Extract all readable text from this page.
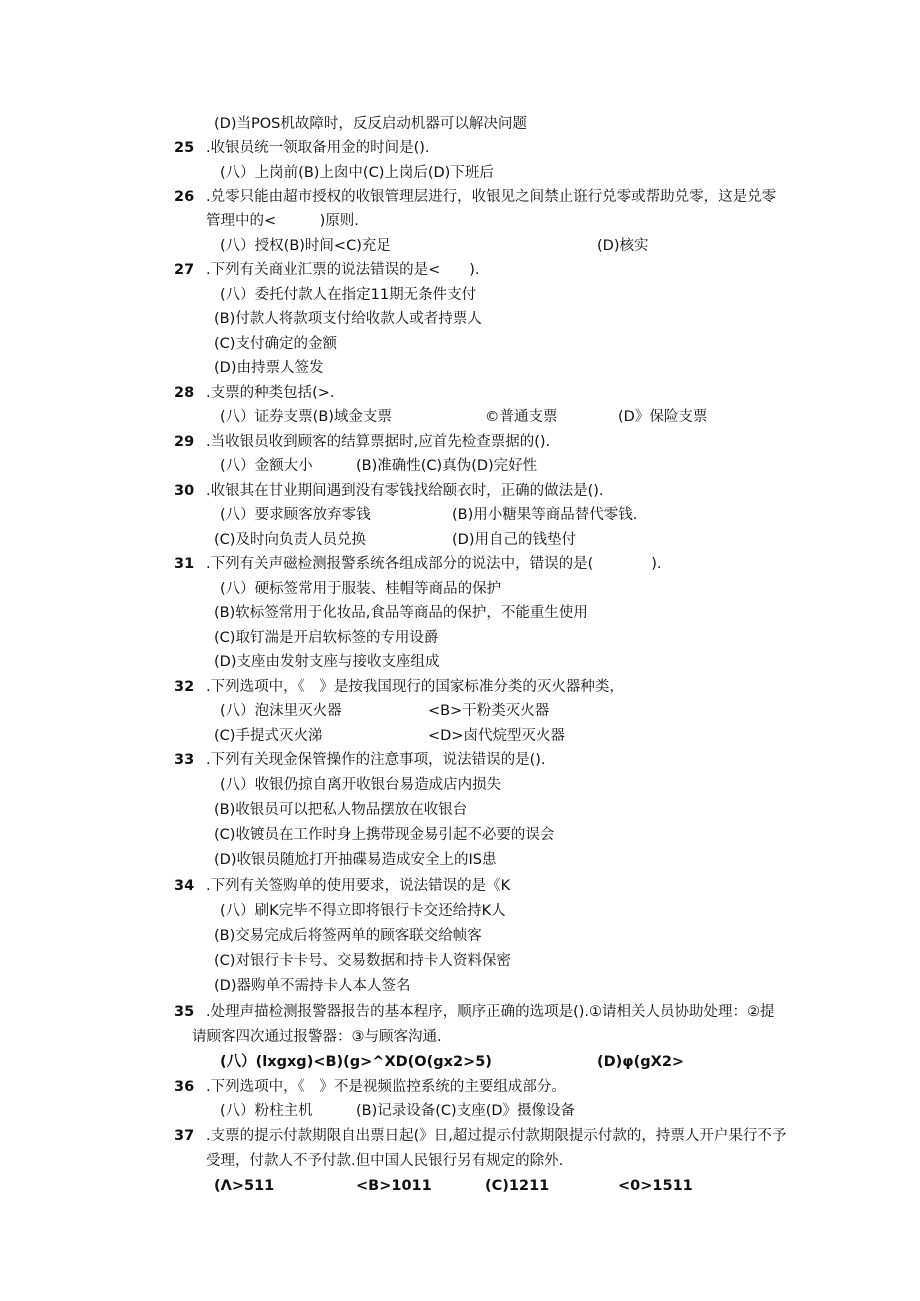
(D)当POS机故障时，反反启动机器可以解决问题
25 .收银员统一领取备用金的时间是().
(八）上岗前(B)上囱中(C)上岗后(D)下班后
26 .兑零只能由超市授权的收银管理层进行，收银见之间禁止诳行兑零或帮助兑零，这是兑零
管理中的<　　　)原则.
(八）授权(B)时间<C)充足	(D)核实
27 .下列有关商业汇票的说法错误的是<　　).
(八）委托付款人在指定11期无条件支付
(B)付款人将款项支付给收款人或者持票人
(C)支付确定的金额
(D)由持票人签发
28 .支票的种类包括(>.
(八）证券支票(B)域金支票	©普通支票	(D》保险支票
29 .当收银员收到顾客的结算票据时,应首先检查票据的().
(八）金额大小	(B)准确性(C)真伪(D)完好性
30 .收银其在甘业期间遇到没有零钱找给颐衣时，正确的做法是().
(八）要求顾客放弃零钱	(B)用小糖果等商品替代零钱.
(C)及时向负责人员兑换	(D)用自己的钱垫付
31 .下列有关声磁检测报警系统各组成部分的说法中，错误的是(　　　　).
(八）硬标签常用于服装、桂帽等商品的保护
(B)软标签常用于化妆品,食品等商品的保护，不能重生使用
(C)取钉湍是开启软标签的专用设爵
(D)支座由发射支座与接收支座组成
32 .下列选项中，《　》是按我国现行的国家标准分类的灭火器种类，
(八）泡沫里灭火器	<B>干粉类灭火器
(C)手提式灭火涕	<D>卤代烷型灭火器
33 .下列有关现金保管操作的注意事项，说法错误的是().
(八）收银仍掠自离开收银台易造成店内损失
(B)收银员可以把私人物品摆放在收银台
(C)收镀员在工作时身上携带现金易引起不必要的误会
(D)收银员随尬打开抽碟易造成安全上的IS患
34 .下列有关签购单的使用要求，说法错误的是《K
(八）刷K完毕不得立即将银行卡交还给持K人
(B)交易完成后将签两单的顾客联交给帧客
(C)对银行卡卡号、交易数据和持卡人资料保密
(D)器购单不需持卡人本人签名
35 .处理声描检测报警器报告的基本程序，顺序正确的选项是().①请相关人员协助处理：②提
请顾客四次通过报警器：③与顾客沟通.
(八）(lxgxg)<B)(g>^XD(O(gx2>5)	(D)φ(gX2>
36 .下列选项中，《　》不是视频监控系统的主要组成部分。
(八）粉柱主机	(B)记录设备(C)支座(D》摄像设备
37 .支票的提示付款期限自出票日起(》日,超过提示付款期限提示付款的，持票人开户果行不予
受理，付款人不予付款.但中国人民银行另有规定的除外.
(Λ>511	<B>1011	(C)1211	<0>1511
